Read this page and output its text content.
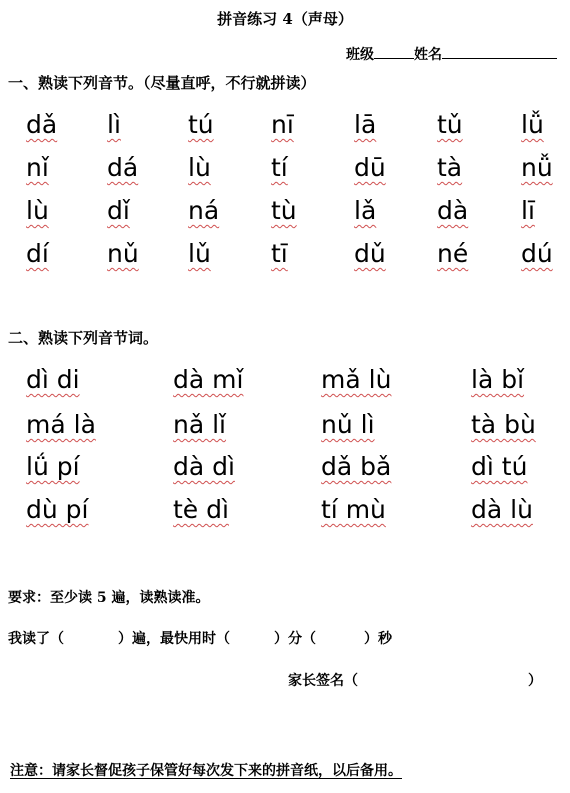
拼音练习 4（声母）
班级	姓名
一、熟读下列音节。（尽量直呼，不行就拼读）
dǎ lì	tú nī lā tǔ lǚ
nǐ dá lù tí	dū tà nǚ
lù dǐ ná tù lǎ dà lī
dí nǔ lǔ tī	dǔ né dú
二、熟读下列音节词。
dì di	dà mǐ	mǎ lù	là bǐ
má là	nǎ lǐ	nǔ lì	tà bù
lǘ pí	dà dì	dǎ bǎ	dì tú
dù pí	tè dì	tí mù	dà lù
要求：至少读 5 遍，读熟读准。
我读了（	）遍，最快用时（	）分（	）秒
家长签名（	）
注意：请家长督促孩子保管好每次发下来的拼音纸，以后备用。
